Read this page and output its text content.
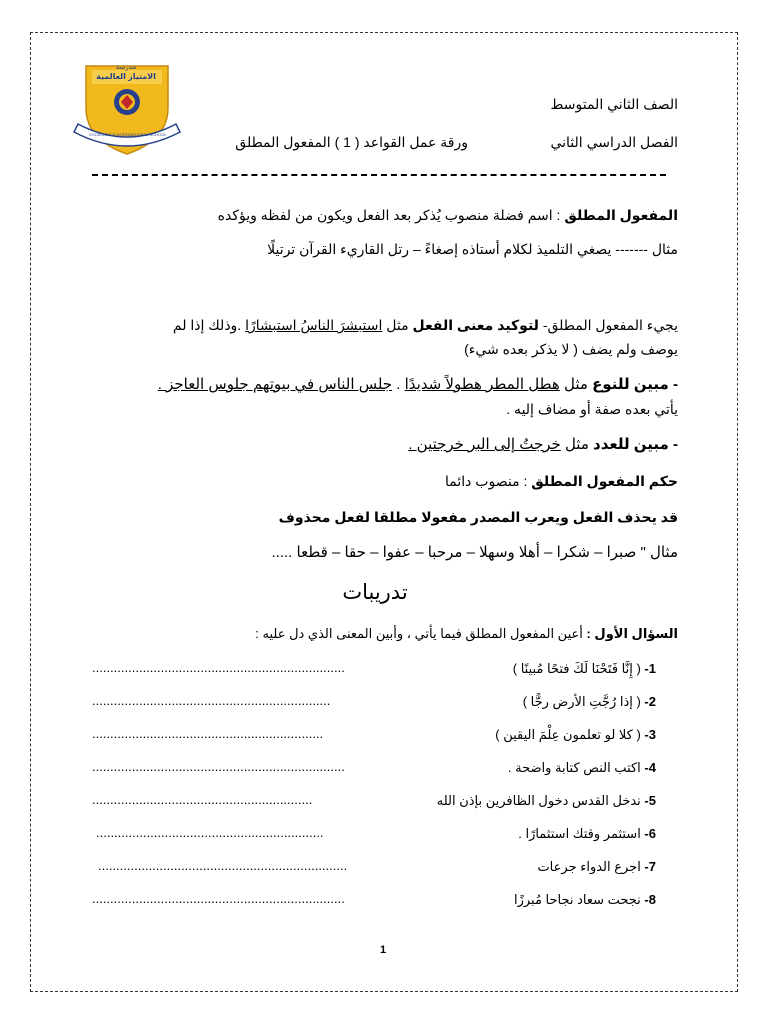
مدرسة
الامتياز العالمية
EXCELLENCE INTERNATIONAL SCHOOL
الصف الثاني المتوسط
الفصل الدراسي الثاني
ورقة عمل القواعد ( 1 ) المفعول المطلق
المفعول المطلق : اسم فضلة منصوب يُذكر بعد الفعل ويكون من لفظه ويؤكده
مثال ------- يصغي التلميذ لكلام أستاذه إصغاءً – رتل القاريء القرآن ترتيلًا
يجيء المفعول المطلق- لتوكيد معنى الفعل مثل استبشرَ الناسُ استبشارًا .وذلك إذا لم
يوصف ولم يضف ( لا يذكر بعده شيء)
- مبين للنوع مثل هطل المطر هطولاً شديدًا . جلس الناس في بيوتهم جلوس العاجز .
يأتي بعده صفة أو مضاف إليه .
- مبين للعدد مثل خرجتُ إلى البر خرجتين .
حكم المفعول المطلق : منصوب دائما
قد يحذف الفعل ويعرب المصدر مفعولا مطلقا لفعل محذوف
مثال " صبرا – شكرا – أهلا وسهلا – مرحبا – عفوا – حقا – قطعا .....
تدريبات
السؤال الأول : أعين المفعول المطلق فيما يأتي ، وأبين المعنى الذي دل عليه :
1- ( إِنَّا فَتَحْنَا لَكَ فتحًا مُبينًا )
......................................................................
2- ( إذا رُجَّتِ الأرض رجًّا )
..................................................................
3- ( كلا لو تعلمون عِلْمَ اليقين )
................................................................
4- اكتب النص كتابة واضحة .
......................................................................
5- ندخل القدس دخول الظافرين بإذن الله
.............................................................
6- استثمر وقتك استثمارًا .
...............................................................
7- اجرع الدواء جرعات
.....................................................................
8- نجحت سعاد نجاحا مُبرزًا
......................................................................
1
